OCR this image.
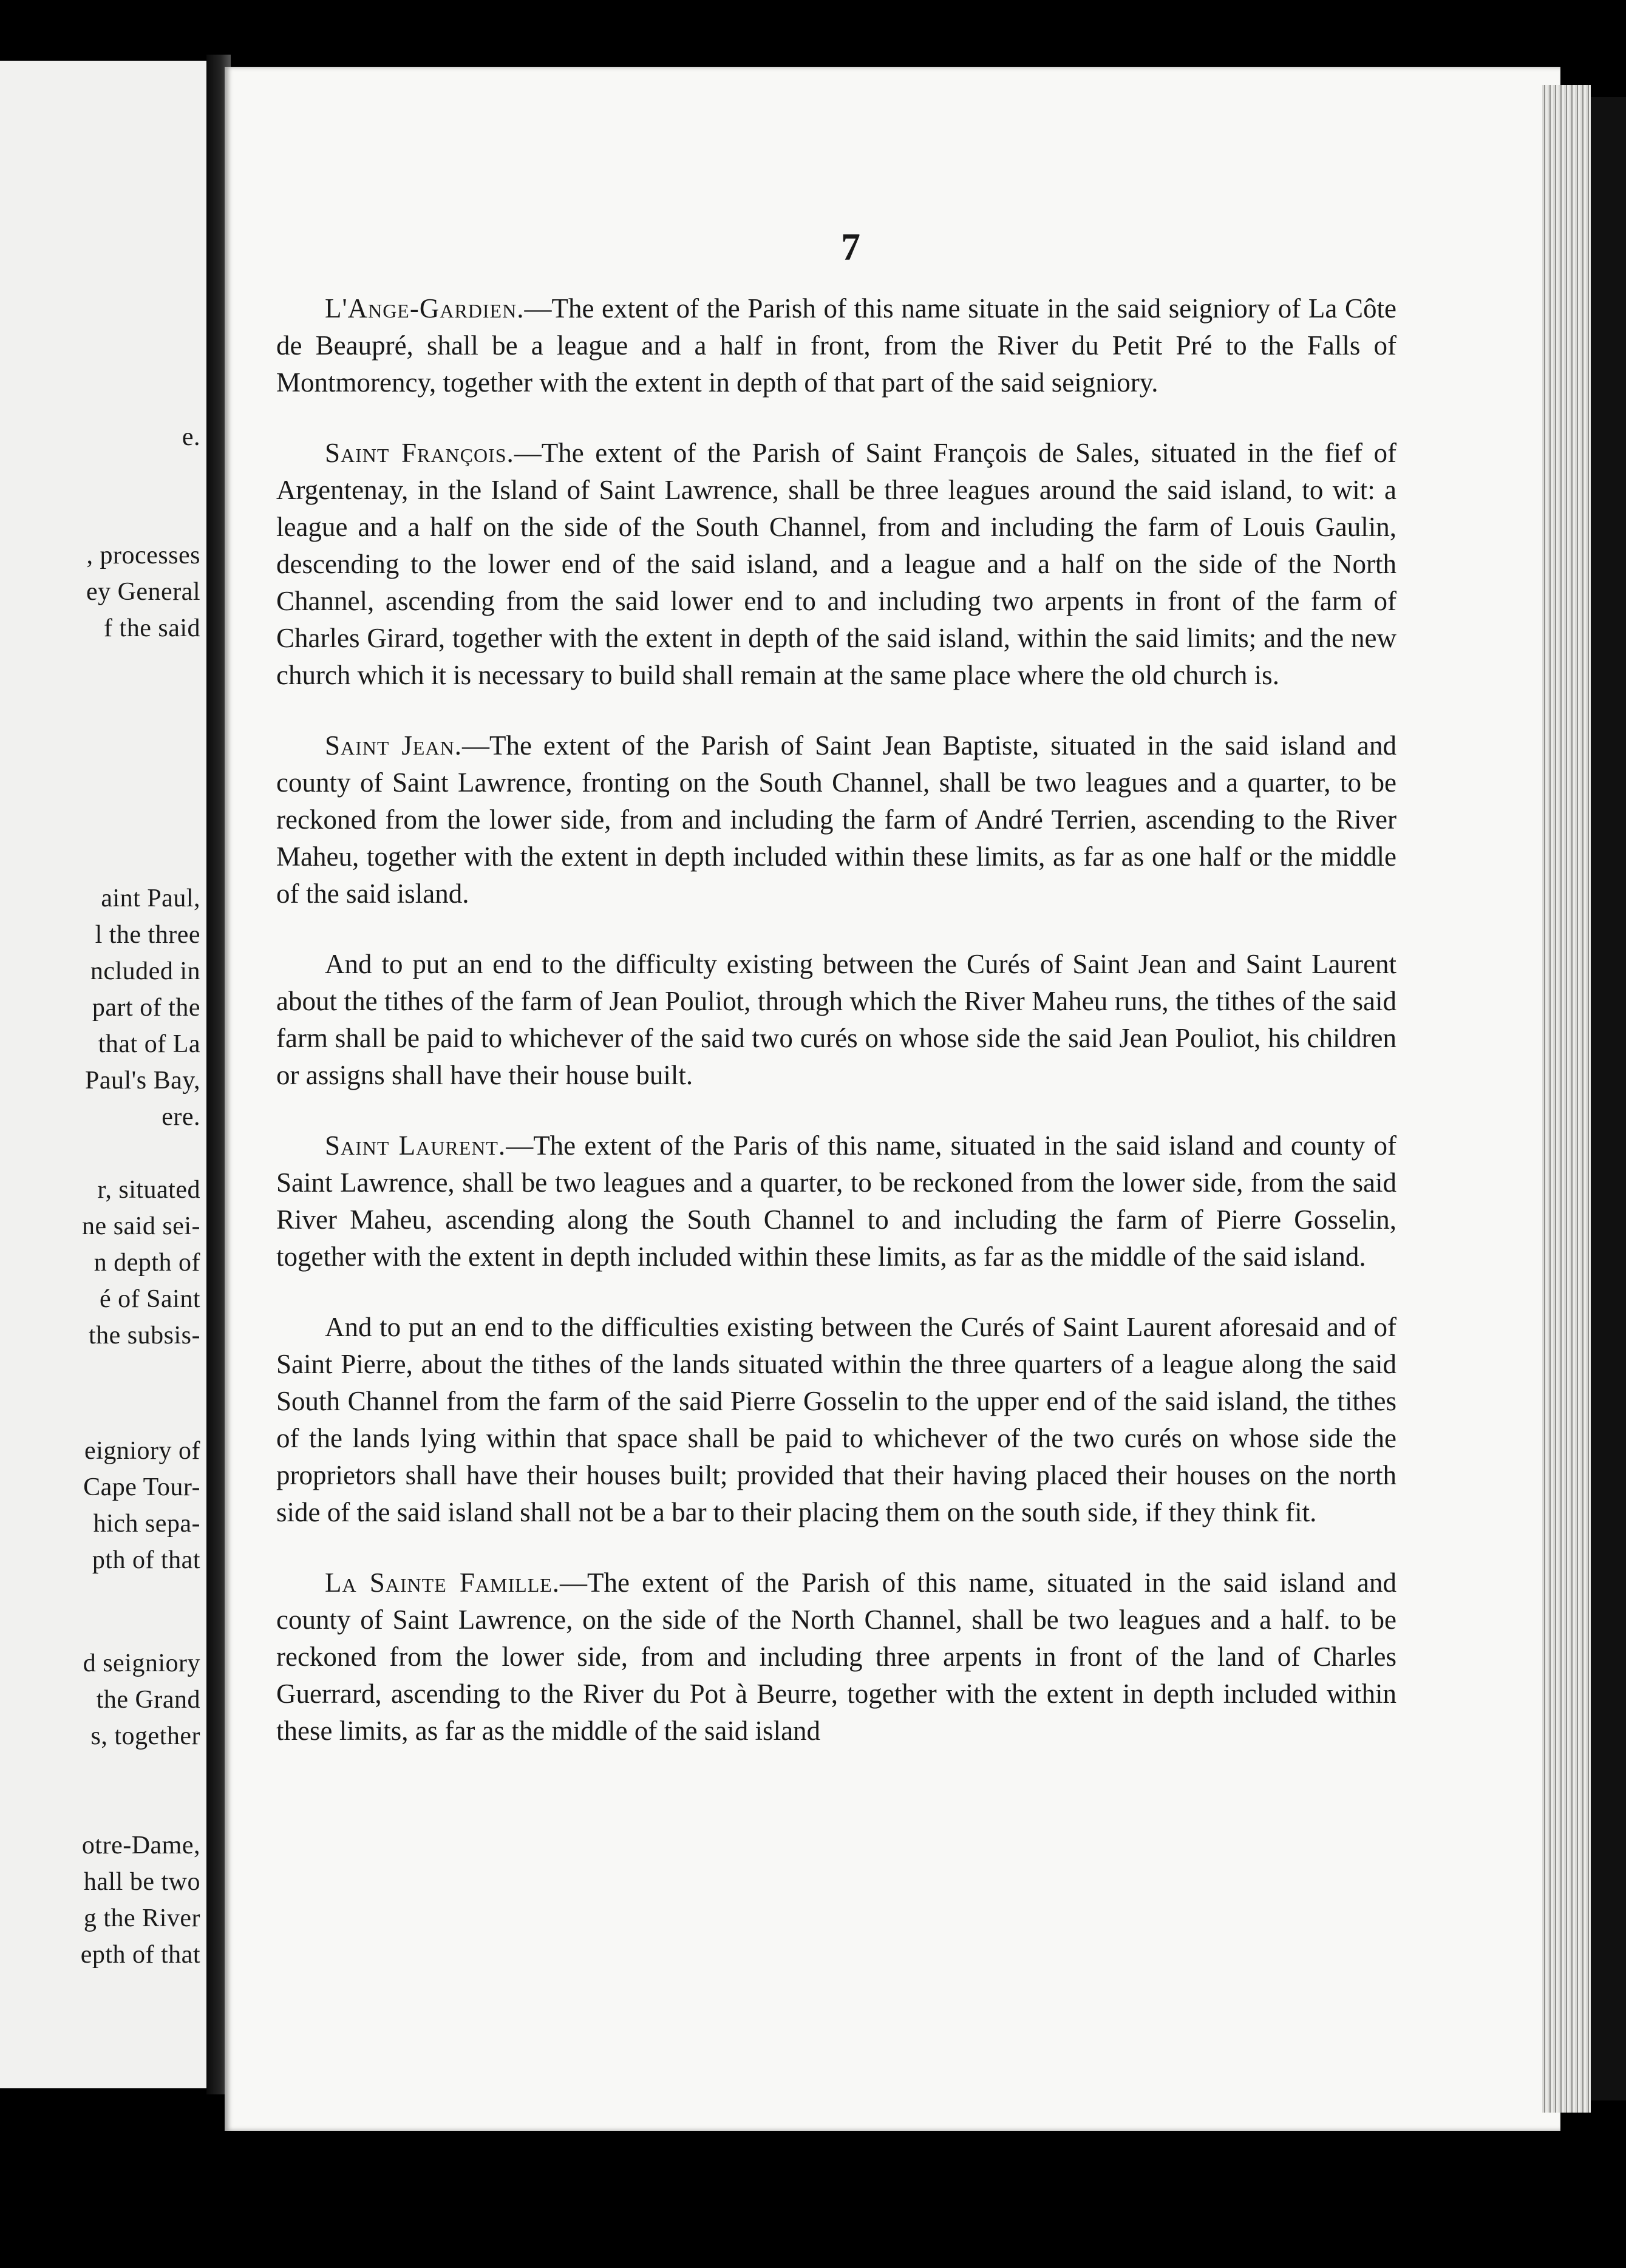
e.
, processes
ey General
f the said
aint Paul,
l the three
ncluded in
part of the
that of La
Paul's Bay,
ere.
r, situated
ne said sei-
n depth of
é of Saint
the subsis-
eigniory of
Cape Tour-
hich sepa-
pth of that
d seigniory
the Grand
s, together
otre-Dame,
hall be two
g the River
epth of that
7

L'Ange-Gardien.—The extent of the Parish of this name situate in the said seigniory of La Côte de Beaupré, shall be a league and a half in front, from the River du Petit Pré to the Falls of Montmorency, together with the extent in depth of that part of the said seigniory.

Saint François.—The extent of the Parish of Saint François de Sales, situated in the fief of Argentenay, in the Island of Saint Lawrence, shall be three leagues around the said island, to wit: a league and a half on the side of the South Channel, from and including the farm of Louis Gaulin, descending to the lower end of the said island, and a league and a half on the side of the North Channel, ascending from the said lower end to and including two arpents in front of the farm of Charles Girard, together with the extent in depth of the said island, within the said limits; and the new church which it is necessary to build shall remain at the same place where the old church is.

Saint Jean.—The extent of the Parish of Saint Jean Baptiste, situated in the said island and county of Saint Lawrence, fronting on the South Channel, shall be two leagues and a quarter, to be reckoned from the lower side, from and including the farm of André Terrien, ascending to the River Maheu, together with the extent in depth included within these limits, as far as one half or the middle of the said island.

And to put an end to the difficulty existing between the Curés of Saint Jean and Saint Laurent about the tithes of the farm of Jean Pouliot, through which the River Maheu runs, the tithes of the said farm shall be paid to whichever of the said two curés on whose side the said Jean Pouliot, his children or assigns shall have their house built.

Saint Laurent.—The extent of the Paris of this name, situated in the said island and county of Saint Lawrence, shall be two leagues and a quarter, to be reckoned from the lower side, from the said River Maheu, ascending along the South Channel to and including the farm of Pierre Gosselin, together with the extent in depth included within these limits, as far as the middle of the said island.

And to put an end to the difficulties existing between the Curés of Saint Laurent aforesaid and of Saint Pierre, about the tithes of the lands situated within the three quarters of a league along the said South Channel from the farm of the said Pierre Gosselin to the upper end of the said island, the tithes of the lands lying within that space shall be paid to whichever of the two curés on whose side the proprietors shall have their houses built; provided that their having placed their houses on the north side of the said island shall not be a bar to their placing them on the south side, if they think fit.

La Sainte Famille.—The extent of the Parish of this name, situated in the said island and county of Saint Lawrence, on the side of the North Channel, shall be two leagues and a half. to be reckoned from the lower side, from and including three arpents in front of the land of Charles Guerrard, ascending to the River du Pot à Beurre, together with the extent in depth included within these limits, as far as the middle of the said island
